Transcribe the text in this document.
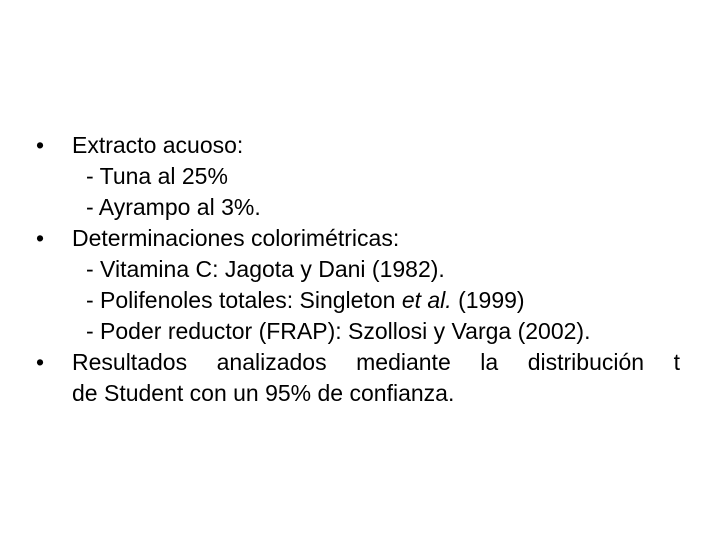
• Extracto acuoso:
- Tuna al 25%
- Ayrampo al 3%.
• Determinaciones colorimétricas:
- Vitamina C: Jagota y Dani (1982).
- Polifenoles totales: Singleton et al. (1999)
- Poder reductor (FRAP): Szollosi y Varga (2002).
• Resultados analizados mediante la distribución t
de Student con un 95% de confianza.
